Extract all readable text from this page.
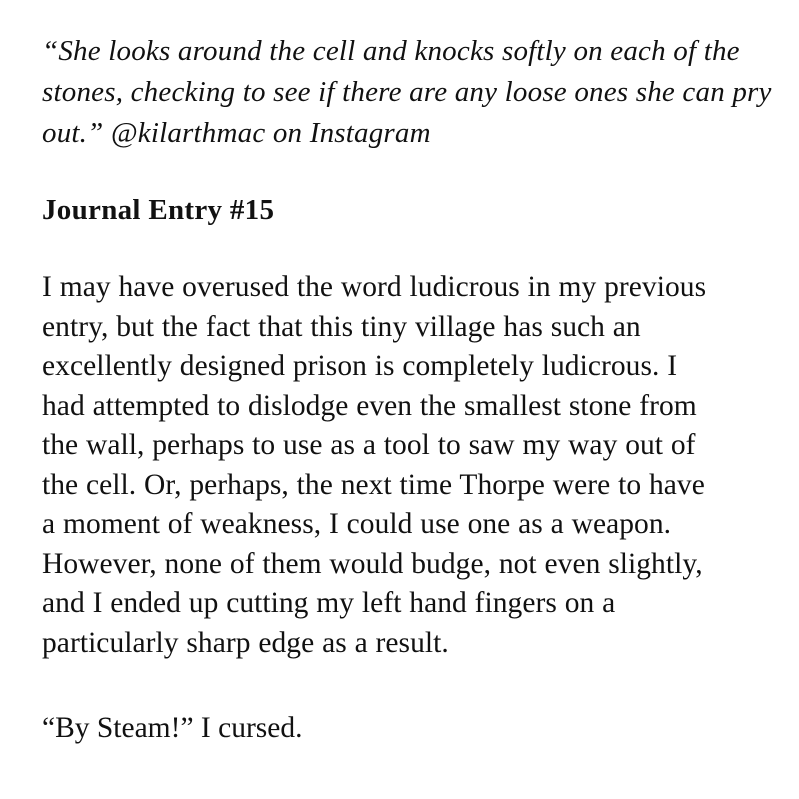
“She looks around the cell and knocks softly on each of the
stones, checking to see if there are any loose ones she can pry
out.” @kilarthmac on Instagram

Journal Entry #15

I may have overused the word ludicrous in my previous
entry, but the fact that this tiny village has such an
excellently designed prison is completely ludicrous. I
had attempted to dislodge even the smallest stone from
the wall, perhaps to use as a tool to saw my way out of
the cell. Or, perhaps, the next time Thorpe were to have
a moment of weakness, I could use one as a weapon.
However, none of them would budge, not even slightly,
and I ended up cutting my left hand fingers on a
particularly sharp edge as a result.

“By Steam!” I cursed.
